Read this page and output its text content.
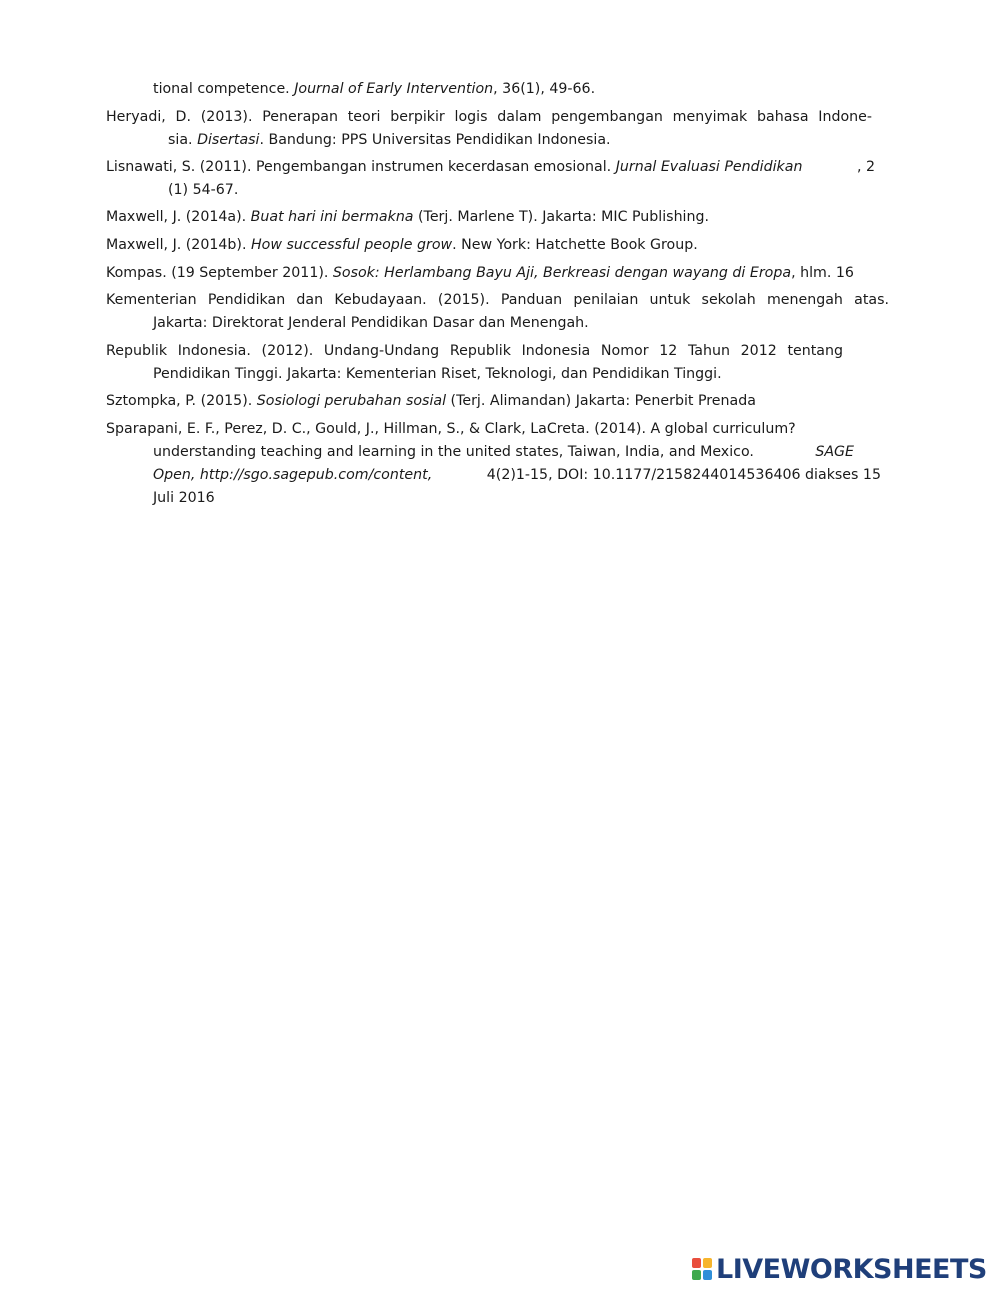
tional competence. Journal of Early Intervention, 36(1), 49-66.
Heryadi, D. (2013). Penerapan teori berpikir logis dalam pengembangan menyimak bahasa Indone-
sia. Disertasi. Bandung: PPS Universitas Pendidikan Indonesia.
Lisnawati, S. (2011). Pengembangan instrumen kecerdasan emosional. Jurnal Evaluasi Pendidikan	, 2
(1) 54-67.
Maxwell, J. (2014a). Buat hari ini bermakna (Terj. Marlene T). Jakarta: MIC Publishing.
Maxwell, J. (2014b). How successful people grow. New York: Hatchette Book Group.
Kompas. (19 September 2011). Sosok: Herlambang Bayu Aji, Berkreasi dengan wayang di Eropa, hlm. 16
Kementerian Pendidikan dan Kebudayaan. (2015). Panduan penilaian untuk sekolah menengah atas.
Jakarta: Direktorat Jenderal Pendidikan Dasar dan Menengah.
Republik Indonesia. (2012). Undang-Undang Republik Indonesia Nomor 12 Tahun 2012 tentang
Pendidikan Tinggi. Jakarta: Kementerian Riset, Teknologi, dan Pendidikan Tinggi.
Sztompka, P. (2015). Sosiologi perubahan sosial (Terj. Alimandan) Jakarta: Penerbit Prenada
Sparapani, E. F., Perez, D. C., Gould, J., Hillman, S., & Clark, LaCreta. (2014). A global curriculum?
understanding teaching and learning in the united states, Taiwan, India, and Mexico.	SAGE
Open, http://sgo.sagepub.com/content,	4(2)1-15, DOI: 10.1177/2158244014536406 diakses 15
Juli 2016
LIVEWORKSHEETS
